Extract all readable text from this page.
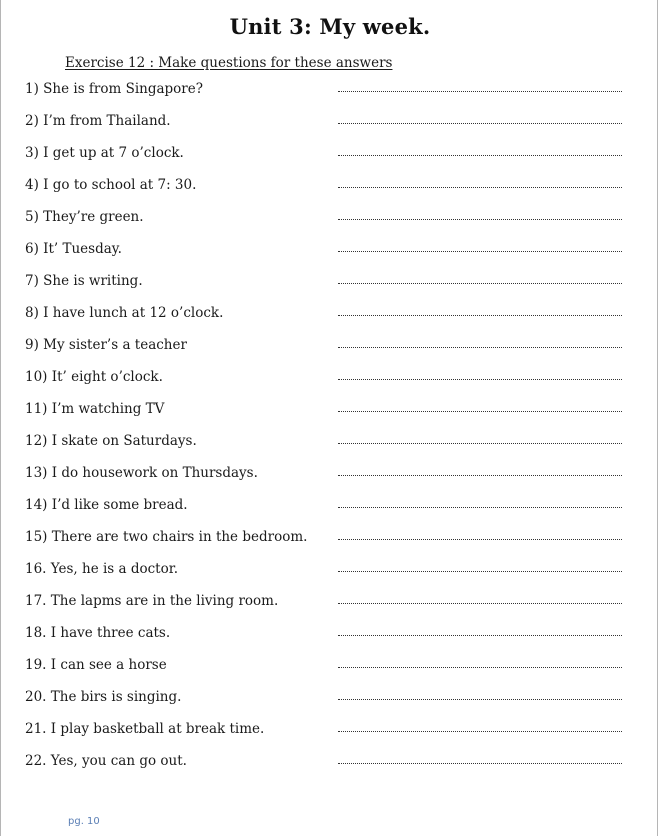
Unit 3: My week.
Exercise 12 : Make questions for these answers
1) She is from Singapore?
2) I’m from Thailand.
3) I get up at 7 o’clock.
4) I go to school at 7: 30.
5) They’re green.
6) It’ Tuesday.
7) She is writing.
8) I have lunch at 12 o’clock.
9) My sister’s a teacher
10) It’ eight o’clock.
11) I’m watching TV
12) I skate on Saturdays.
13) I do housework on Thursdays.
14) I’d like some bread.
15) There are two chairs in the bedroom.
16. Yes, he is a doctor.
17. The lapms are in the living room.
18. I have three cats.
19. I can see a horse
20. The birs is singing.
21. I play basketball at break time.
22. Yes, you can go out.
pg. 10
